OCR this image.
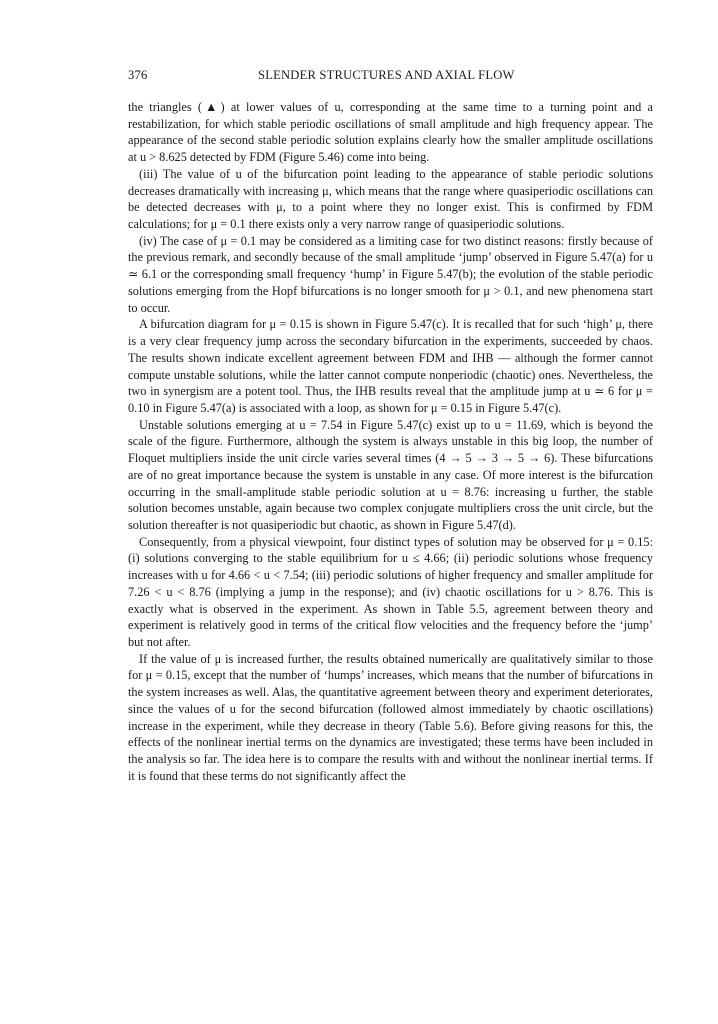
376	SLENDER STRUCTURES AND AXIAL FLOW

the triangles (▲) at lower values of u, corresponding at the same time to a turning point and a restabilization, for which stable periodic oscillations of small amplitude and high frequency appear. The appearance of the second stable periodic solution explains clearly how the smaller amplitude oscillations at u > 8.625 detected by FDM (Figure 5.46) come into being.

(iii) The value of u of the bifurcation point leading to the appearance of stable periodic solutions decreases dramatically with increasing μ, which means that the range where quasiperiodic oscillations can be detected decreases with μ, to a point where they no longer exist. This is confirmed by FDM calculations; for μ = 0.1 there exists only a very narrow range of quasiperiodic solutions.

(iv) The case of μ = 0.1 may be considered as a limiting case for two distinct reasons: firstly because of the previous remark, and secondly because of the small amplitude ‘jump’ observed in Figure 5.47(a) for u ≃ 6.1 or the corresponding small frequency ‘hump’ in Figure 5.47(b); the evolution of the stable periodic solutions emerging from the Hopf bifurcations is no longer smooth for μ > 0.1, and new phenomena start to occur.

A bifurcation diagram for μ = 0.15 is shown in Figure 5.47(c). It is recalled that for such ‘high’ μ, there is a very clear frequency jump across the secondary bifurcation in the experiments, succeeded by chaos. The results shown indicate excellent agreement between FDM and IHB — although the former cannot compute unstable solutions, while the latter cannot compute nonperiodic (chaotic) ones. Nevertheless, the two in synergism are a potent tool. Thus, the IHB results reveal that the amplitude jump at u ≃ 6 for μ = 0.10 in Figure 5.47(a) is associated with a loop, as shown for μ = 0.15 in Figure 5.47(c).

Unstable solutions emerging at u = 7.54 in Figure 5.47(c) exist up to u = 11.69, which is beyond the scale of the figure. Furthermore, although the system is always unstable in this big loop, the number of Floquet multipliers inside the unit circle varies several times (4 → 5 → 3 → 5 → 6). These bifurcations are of no great importance because the system is unstable in any case. Of more interest is the bifurcation occurring in the small-amplitude stable periodic solution at u = 8.76: increasing u further, the stable solution becomes unstable, again because two complex conjugate multipliers cross the unit circle, but the solution thereafter is not quasiperiodic but chaotic, as shown in Figure 5.47(d).

Consequently, from a physical viewpoint, four distinct types of solution may be observed for μ = 0.15: (i) solutions converging to the stable equilibrium for u ≤ 4.66; (ii) periodic solutions whose frequency increases with u for 4.66 < u < 7.54; (iii) periodic solutions of higher frequency and smaller amplitude for 7.26 < u < 8.76 (implying a jump in the response); and (iv) chaotic oscillations for u > 8.76. This is exactly what is observed in the experiment. As shown in Table 5.5, agreement between theory and experiment is relatively good in terms of the critical flow velocities and the frequency before the ‘jump’ but not after.

If the value of μ is increased further, the results obtained numerically are qualitatively similar to those for μ = 0.15, except that the number of ‘humps’ increases, which means that the number of bifurcations in the system increases as well. Alas, the quantitative agreement between theory and experiment deteriorates, since the values of u for the second bifurcation (followed almost immediately by chaotic oscillations) increase in the experiment, while they decrease in theory (Table 5.6). Before giving reasons for this, the effects of the nonlinear inertial terms on the dynamics are investigated; these terms have been included in the analysis so far. The idea here is to compare the results with and without the nonlinear inertial terms. If it is found that these terms do not significantly affect the
